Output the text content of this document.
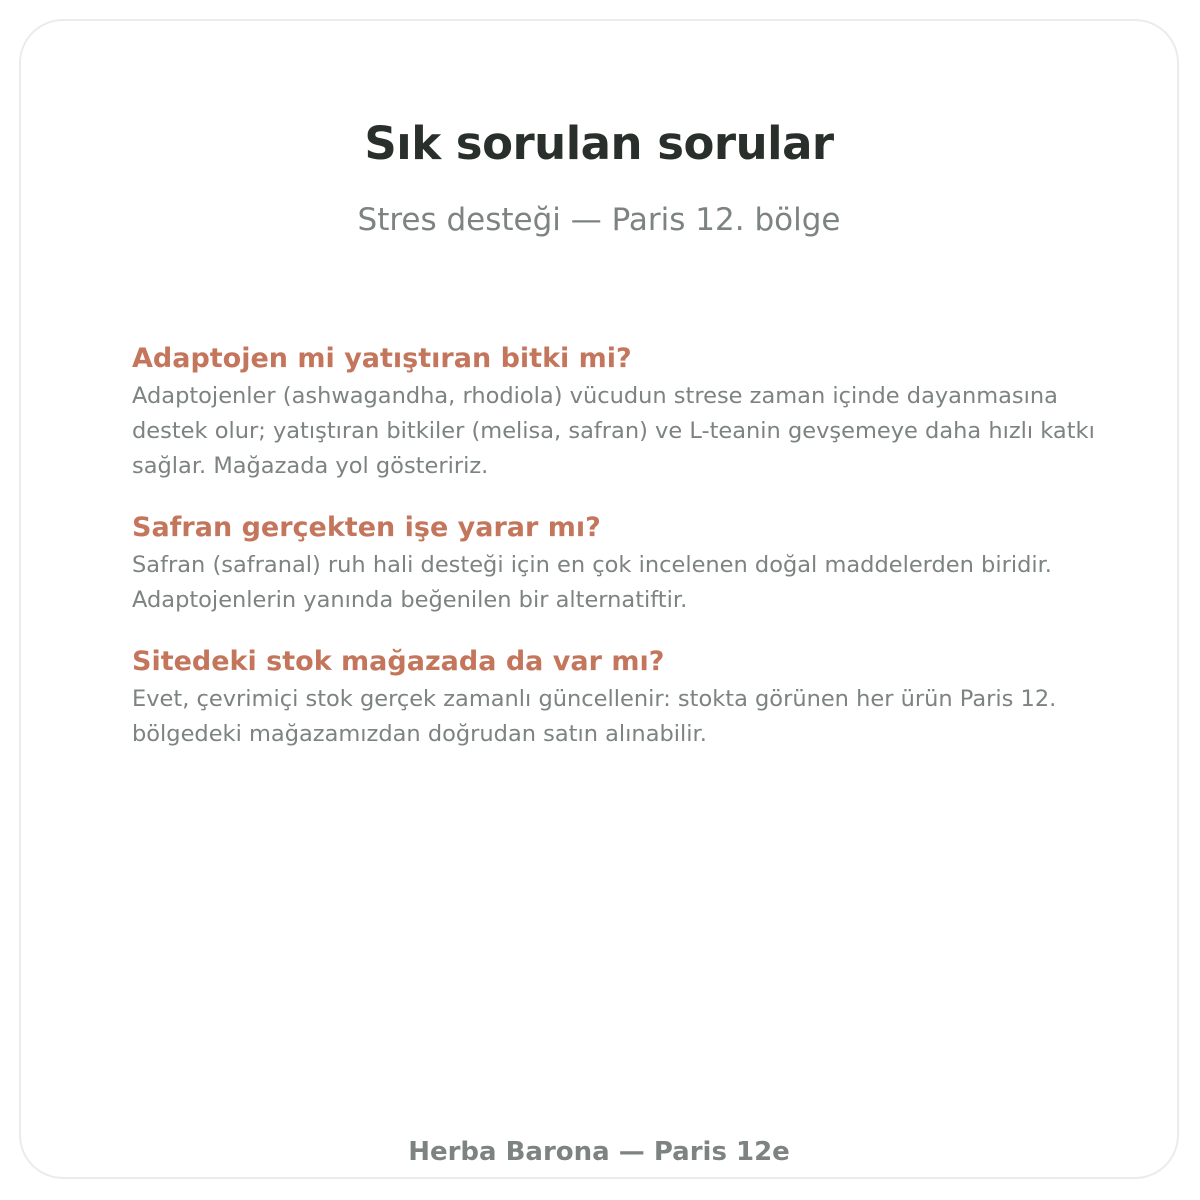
Sık sorulan sorular
Stres desteği — Paris 12. bölge

Adaptojen mi yatıştıran bitki mi?

Adaptojenler (ashwagandha, rhodiola) vücudun strese zaman içinde dayanmasına destek olur; yatıştıran bitkiler (melisa, safran) ve L-teanin gevşemeye daha hızlı katkı sağlar. Mağazada yol gösteririz.

Safran gerçekten işe yarar mı?

Safran (safranal) ruh hali desteği için en çok incelenen doğal maddelerden biridir. Adaptojenlerin yanında beğenilen bir alternatiftir.

Sitedeki stok mağazada da var mı?

Evet, çevrimiçi stok gerçek zamanlı güncellenir: stokta görünen her ürün Paris 12. bölgedeki mağazamızdan doğrudan satın alınabilir.

Herba Barona — Paris 12e
